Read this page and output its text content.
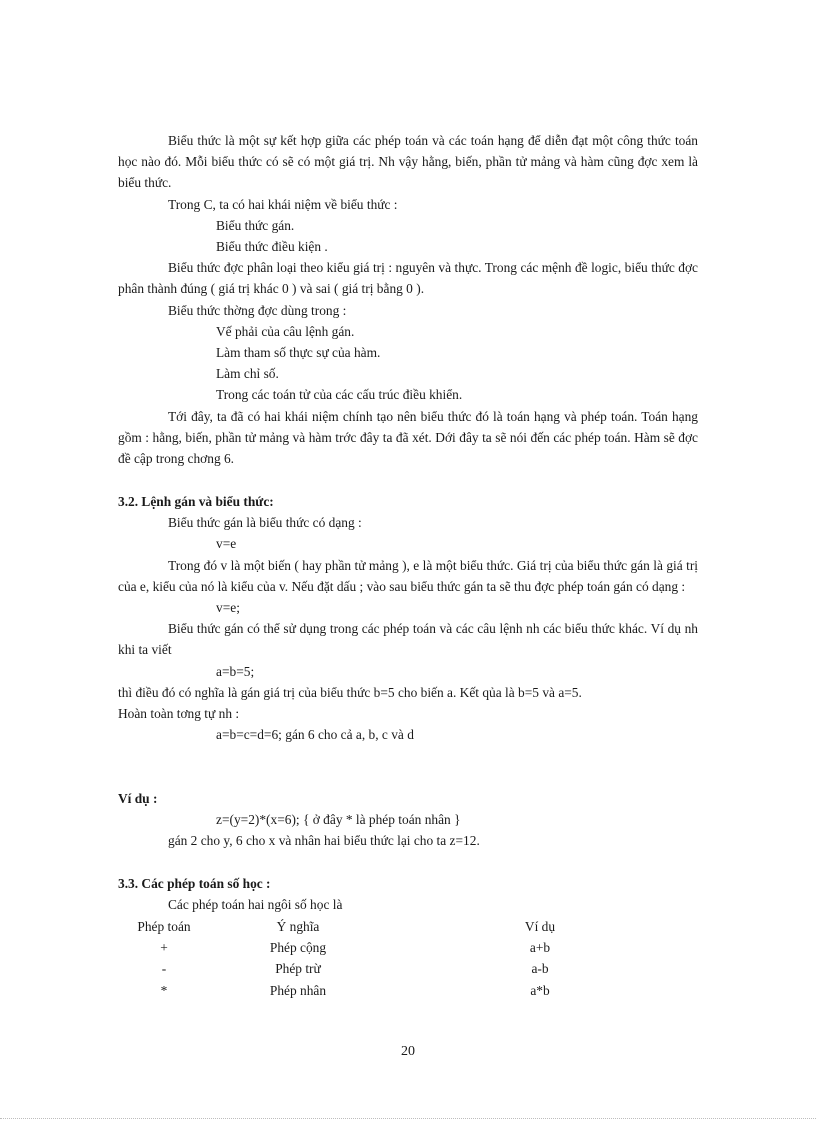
Biểu thức là một sự kết hợp giữa các phép toán và các toán hạng để diễn đạt một công thức toán học nào đó. Mỗi biểu thức có sẽ có một giá trị. Nh vậy hằng, biến, phần tử mảng và hàm cũng đợc xem là biểu thức.

Trong C, ta có hai khái niệm về biểu thức :

Biểu thức gán.

Biểu thức điều kiện .

Biểu thức đợc phân loại theo kiểu giá trị : nguyên và thực. Trong các mệnh đề logic, biểu thức đợc phân thành đúng ( giá trị khác 0 ) và sai ( giá trị bằng 0 ).

Biểu thức thờng đợc dùng trong :

Vế phải của câu lệnh gán.

Làm tham số thực sự của hàm.

Làm chỉ số.

Trong các toán tử của các cấu trúc điều khiển.

Tới đây, ta đã có hai khái niệm chính tạo nên biểu thức đó là toán hạng và phép toán. Toán hạng gồm : hằng, biến, phần tử mảng và hàm trớc đây ta đã xét. Dới đây ta sẽ nói đến các phép toán. Hàm sẽ đợc đề cập trong chơng 6.

3.2. Lệnh gán và biểu thức:

Biểu thức gán là biểu thức có dạng :

v=e

Trong đó v là một biến ( hay phần tử mảng ), e là một biểu thức. Giá trị của biểu thức gán là giá trị của e, kiểu của nó là kiểu của v. Nếu đặt dấu ; vào sau biểu thức gán ta sẽ thu đợc phép toán gán có dạng :

v=e;

Biểu thức gán có thể sử dụng trong các phép toán và các câu lệnh nh các biểu thức khác. Ví dụ nh khi ta viết

a=b=5;

thì điều đó có nghĩa là gán giá trị của biểu thức b=5 cho biến a. Kết qủa là b=5 và a=5.

Hoàn toàn tơng tự nh :

a=b=c=d=6; gán 6 cho cả a, b, c và d

Ví dụ :

z=(y=2)*(x=6); { ở đây * là phép toán nhân }

gán 2 cho y, 6 cho x và nhân hai biểu thức lại cho ta z=12.

3.3. Các phép toán số học :

Các phép toán hai ngôi số học là

Phép toán	Ý nghĩa	Ví dụ
+	Phép cộng	a+b
-	Phép trừ	a-b
*	Phép nhân	a*b
20
